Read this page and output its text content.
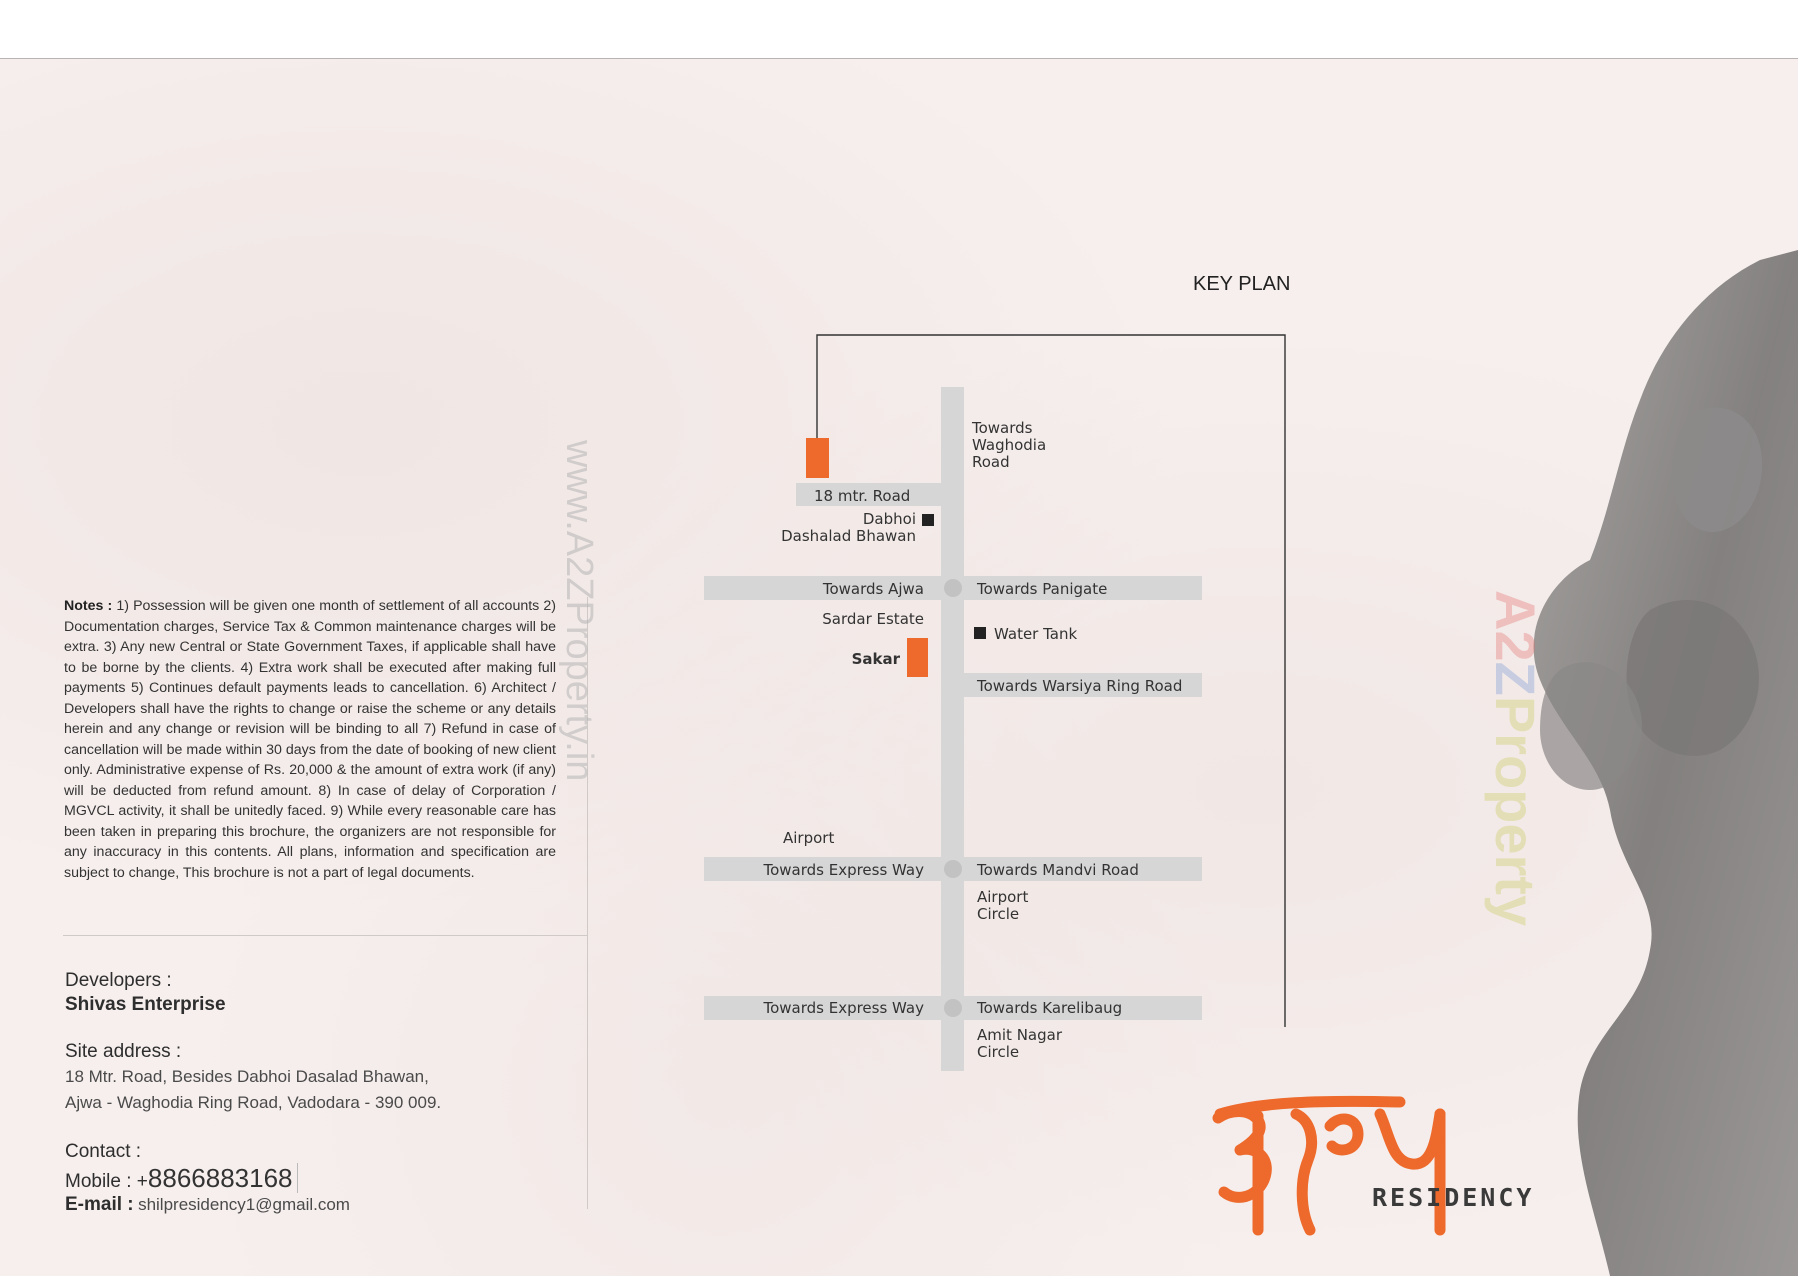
A2ZProperty
Notes : 1) Possession will be given one month of settlement of all accounts 2) Documentation charges, Service Tax & Common maintenance charges will be extra. 3) Any new Central or State Government Taxes, if applicable shall have to be borne by the clients. 4) Extra work shall be executed after making full payments 5) Continues default payments leads to cancellation. 6) Architect / Developers shall have the rights to change or raise the scheme or any details herein and any change or revision will be binding to all 7) Refund in case of cancellation will be made within 30 days from the date of booking of new client only. Administrative expense of Rs. 20,000 & the amount of extra work (if any) will be deducted from refund amount. 8) In case of delay of Corporation / MGVCL activity, it shall be unitedly faced. 9) While every reasonable care has been taken in preparing this brochure, the organizers are not responsible for any inaccuracy in this contents. All plans, information and specification are subject to change, This brochure is not a part of legal documents.
Developers :
Shivas Enterprise
Site address :
18 Mtr. Road, Besides Dabhoi Dasalad Bhawan,
Ajwa - Waghodia Ring Road, Vadodara - 390 009.
Contact :
Mobile : +8866883168
E-mail : shilpresidency1@gmail.com
www.A2ZProperty.in
KEY PLAN
Towards
Waghodia
Road
18 mtr. Road
Dabhoi
Dashalad Bhawan
Towards Ajwa	Towards Panigate
Sardar Estate
Water Tank
Sakar
Towards Warsiya Ring Road
Airport
Towards Express Way	Towards Mandvi Road
Airport
Circle
Towards Express Way	Towards Karelibaug
Amit Nagar
Circle
RESIDENCY
